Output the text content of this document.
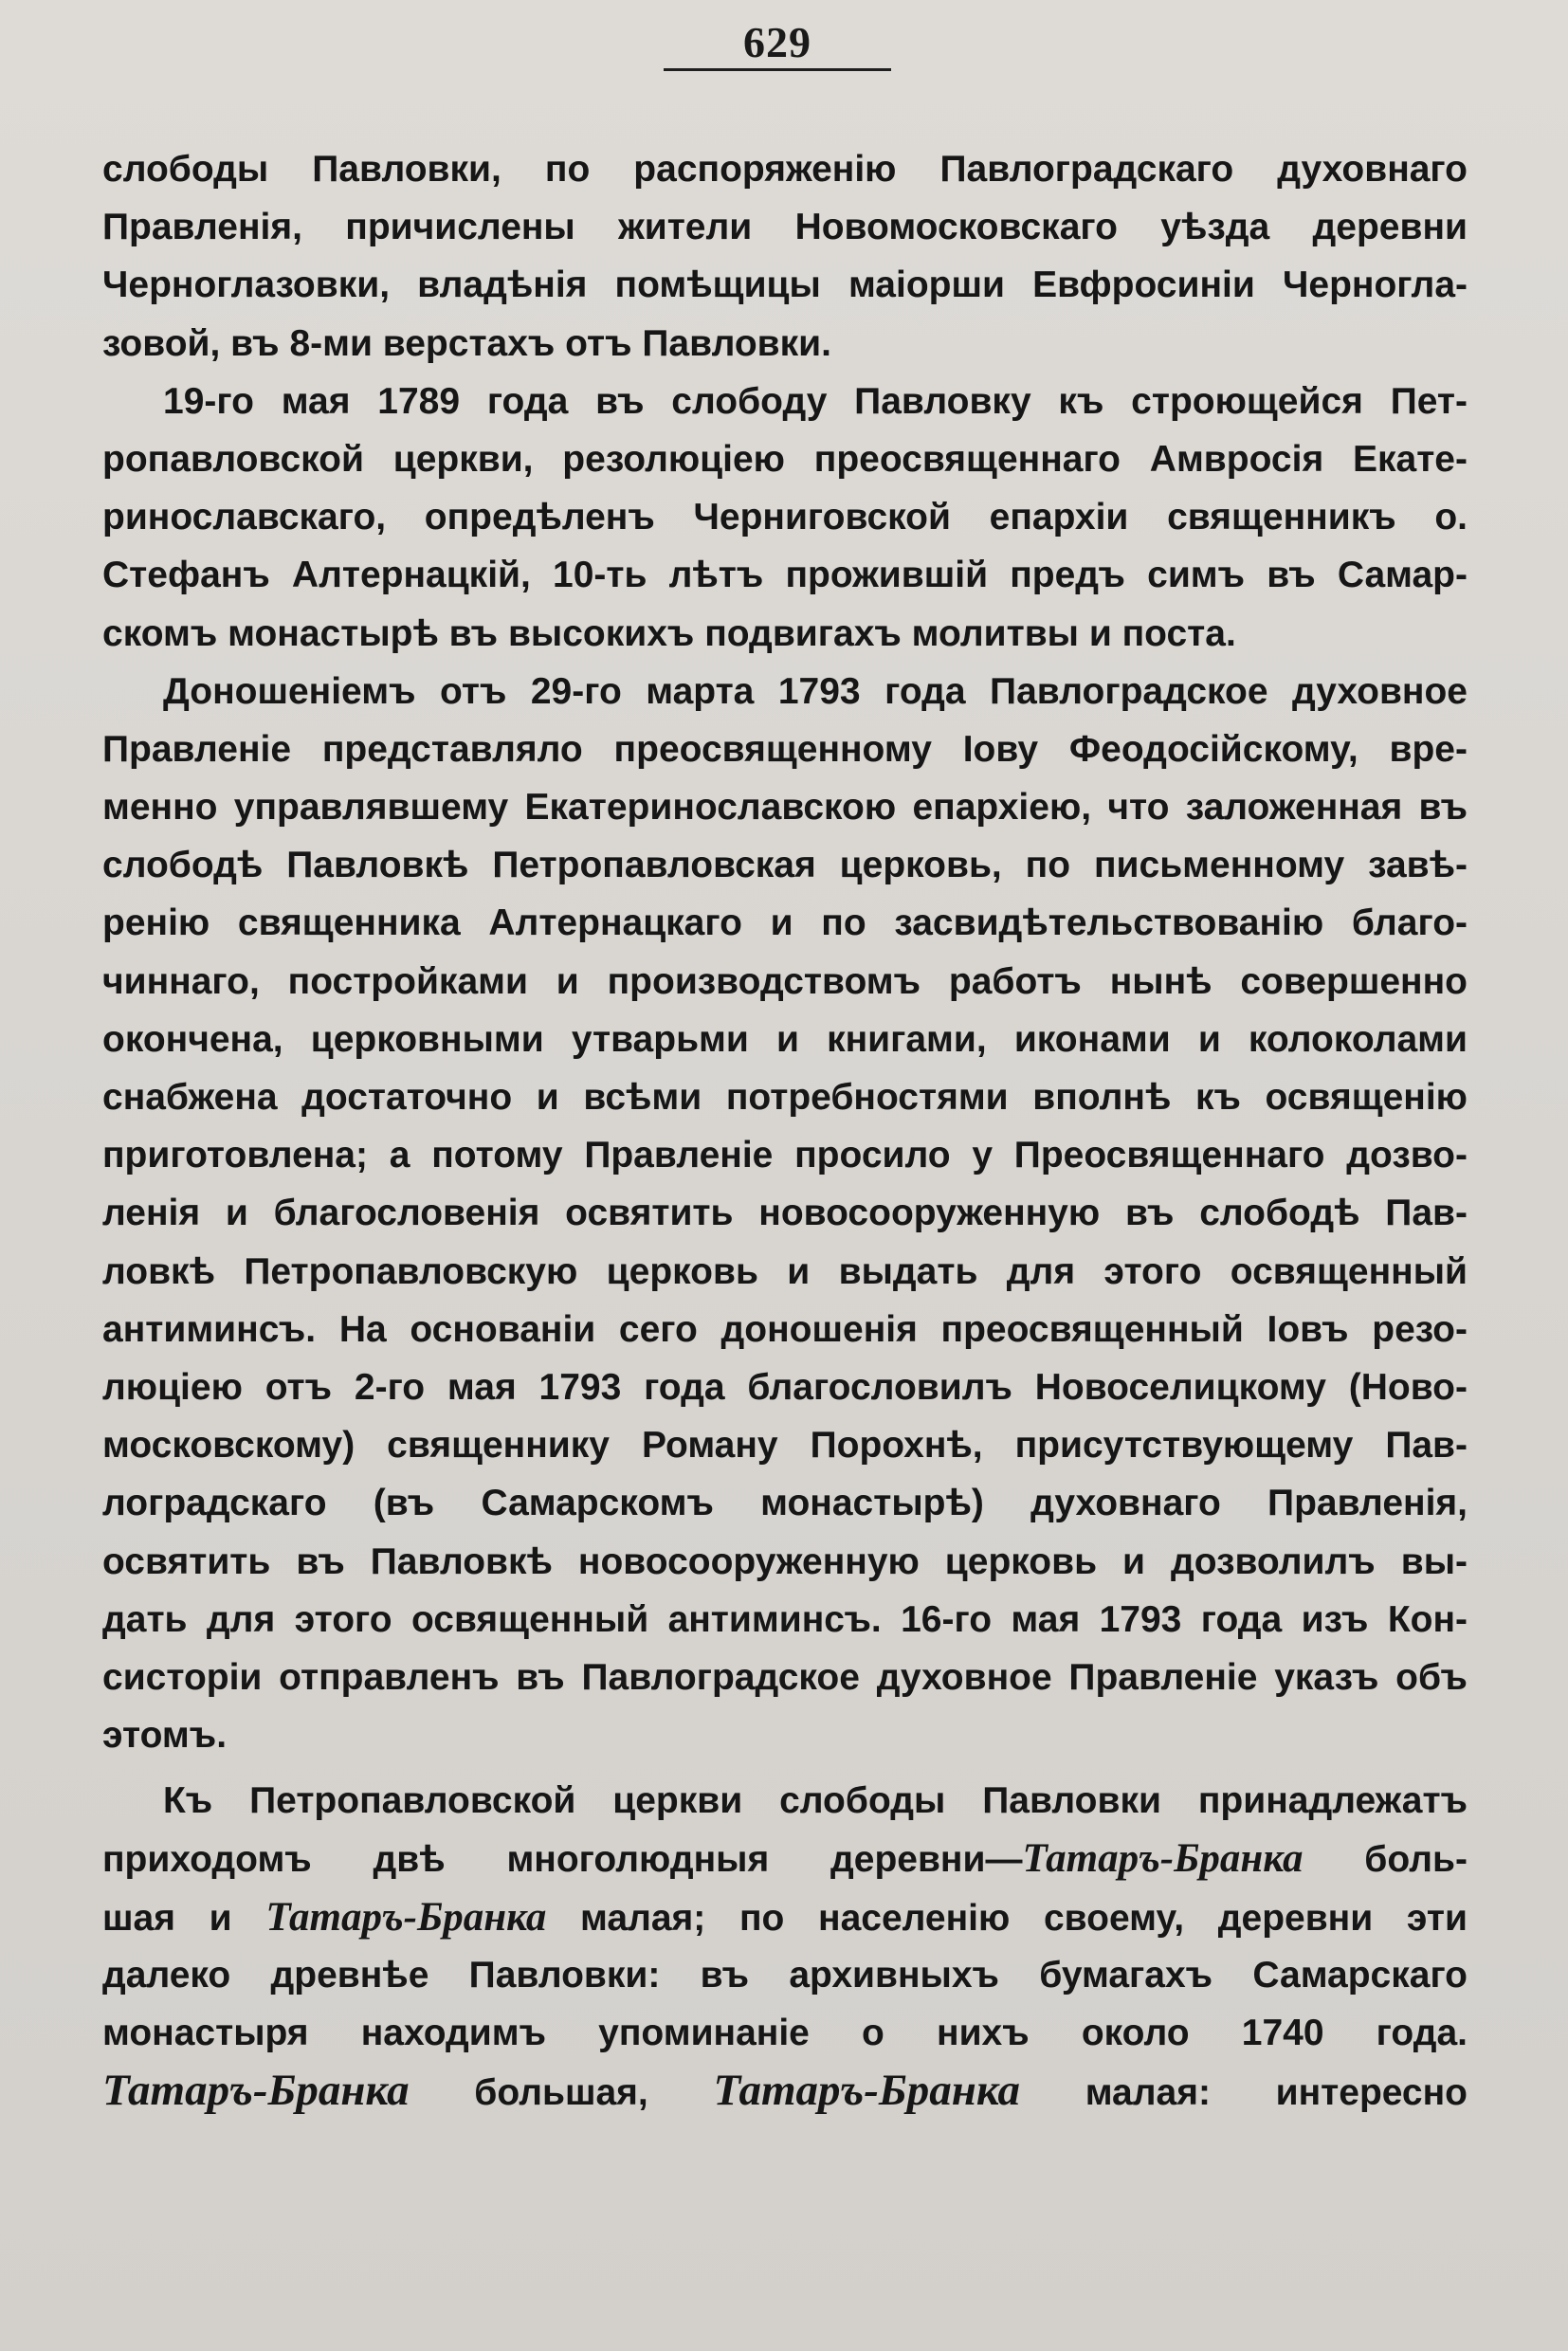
629
слободы Павловки, по распоряженію Павлоградскаго духовнаго
Правленія, причислены жители Новомосковскаго уѣзда деревни
Черноглазовки, владѣнія помѣщицы маіорши Евфросиніи Черногла-
зовой, въ 8-ми верстахъ отъ Павловки.
19-го мая 1789 года въ слободу Павловку къ строющейся Пет-
ропавловской церкви, резолюціею преосвященнаго Амвросія Екате-
ринославскаго, опредѣленъ Черниговской епархіи священникъ о.
Стефанъ Алтернацкій, 10-ть лѣтъ прожившій предъ симъ въ Самар-
скомъ монастырѣ въ высокихъ подвигахъ молитвы и поста.
Доношеніемъ отъ 29-го марта 1793 года Павлоградское духовное
Правленіе представляло преосвященному Іову Феодосійскому, вре-
менно управлявшему Екатеринославскою епархіею, что заложенная въ
слободѣ Павловкѣ Петропавловская церковь, по письменному завѣ-
ренію священника Алтернацкаго и по засвидѣтельствованію благо-
чиннаго, постройками и производствомъ работъ нынѣ совершенно
окончена, церковными утварьми и книгами, иконами и колоколами
снабжена достаточно и всѣми потребностями вполнѣ къ освященію
приготовлена; а потому Правленіе просило у Преосвященнаго дозво-
ленія и благословенія освятить новосооруженную въ слободѣ Пав-
ловкѣ Петропавловскую церковь и выдать для этого освященный
антиминсъ. На основаніи сего доношенія преосвященный Іовъ резо-
люціею отъ 2-го мая 1793 года благословилъ Новоселицкому (Ново-
московскому) священнику Роману Порохнѣ, присутствующему Пав-
лоградскаго (въ Самарскомъ монастырѣ) духовнаго Правленія,
освятить въ Павловкѣ новосооруженную церковь и дозволилъ вы-
дать для этого освященный антиминсъ. 16-го мая 1793 года изъ Кон-
систоріи отправленъ въ Павлоградское духовное Правленіе указъ объ
этомъ.
Къ Петропавловской церкви слободы Павловки принадлежатъ
приходомъ двѣ многолюдныя деревни—Татаръ-Бранка боль-
шая и Татаръ-Бранка малая; по населенію своему, деревни эти
далеко древнѣе Павловки: въ архивныхъ бумагахъ Самарскаго
монастыря находимъ упоминаніе о нихъ около 1740 года.
Татаръ-Бранка большая, Татаръ-Бранка малая: интересно
